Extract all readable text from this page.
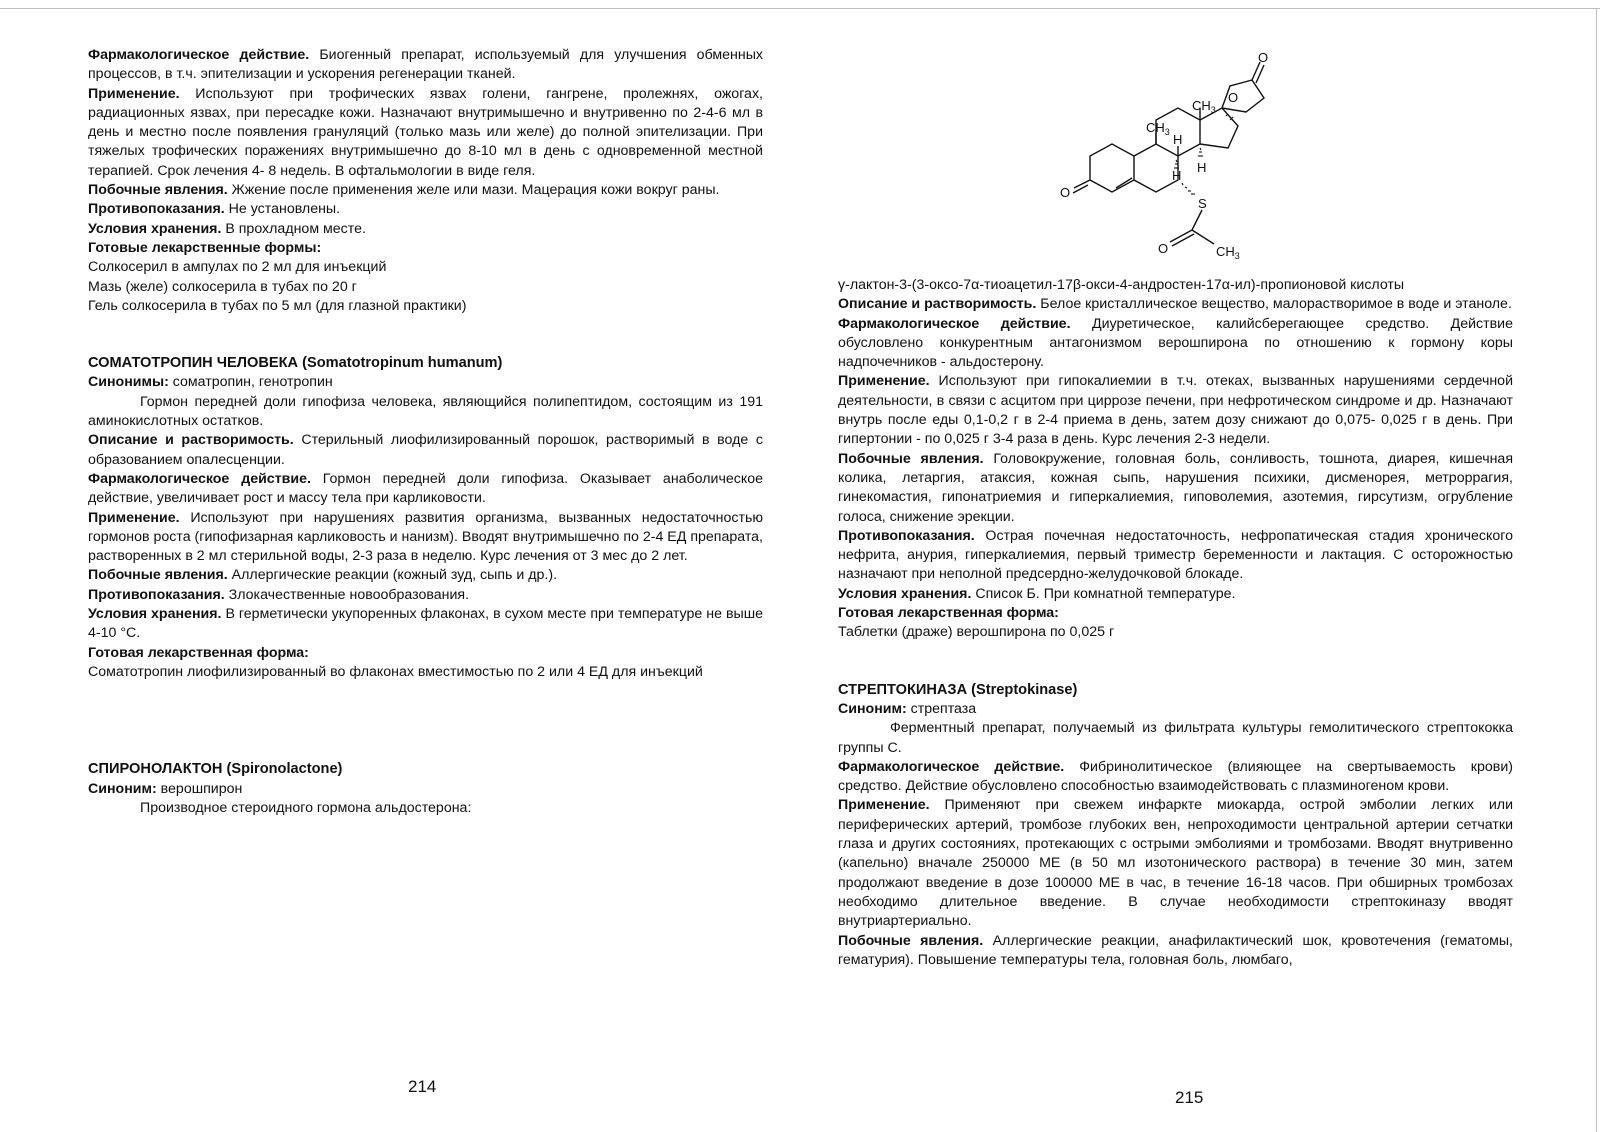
Фармакологическое действие. Биогенный препарат, используемый для улучшения обменных процессов, в т.ч. эпителизации и ускорения регенерации тканей.

Применение. Используют при трофических язвах голени, гангрене, пролежнях, ожогах, радиационных язвах, при пересадке кожи. Назначают внутримышечно и внутривенно по 2-4-6 мл в день и местно после появления грануляций (только мазь или желе) до полной эпителизации. При тяжелых трофических поражениях внутримышечно до 8-10 мл в день с одновременной местной терапией. Срок лечения 4- 8 недель. В офтальмологии в виде геля.

Побочные явления. Жжение после применения желе или мази. Мацерация кожи вокруг раны.

Противопоказания. Не установлены.

Условия хранения. В прохладном месте.

Готовые лекарственные формы:

Солкосерил в ампулах по 2 мл для инъекций

Мазь (желе) солкосерила в тубах по 20 г

Гель солкосерила в тубах по 5 мл (для глазной практики)

СОМАТОТРОПИН ЧЕЛОВЕКА (Somatotropinum humanum)

Синонимы: соматропин, генотропин

Гормон передней доли гипофиза человека, являющийся полипептидом, состоящим из 191 аминокислотных остатков.

Описание и растворимость. Стерильный лиофилизированный порошок, растворимый в воде с образованием опалесценции.

Фармакологическое действие. Гормон передней доли гипофиза. Оказывает анаболическое действие, увеличивает рост и массу тела при карликовости.

Применение. Используют при нарушениях развития организма, вызванных недостаточностью гормонов роста (гипофизарная карликовость и нанизм). Вводят внутримышечно по 2-4 ЕД препарата, растворенных в 2 мл стерильной воды, 2-3 раза в неделю. Курс лечения от 3 мес до 2 лет.

Побочные явления. Аллергические реакции (кожный зуд, сыпь и др.).

Противопоказания. Злокачественные новообразования.

Условия хранения. В герметически укупоренных флаконах, в сухом месте при температуре не выше 4-10 °С.

Готовая лекарственная форма:

Соматотропин лиофилизированный во флаконах вместимостью по 2 или 4 ЕД для инъекций

СПИРОНОЛАКТОН (Spironolactone)

Синоним: верошпирон

Производное стероидного гормона альдостерона:

214
O
O
O
$CH_3$
$CH_3$ H
H
H
S
O	$CH_3$

γ-лактон-3-(3-оксо-7α-тиоацетил-17β-окси-4-андростен-17α-ил)-пропионовой кислоты

Описание и растворимость. Белое кристаллическое вещество, малорастворимое в воде и этаноле.

Фармакологическое действие. Диуретическое, калийсберегающее средство. Действие обусловлено конкурентным антагонизмом верошпирона по отношению к гормону коры надпочечников - альдостерону.

Применение. Используют при гипокалиемии в т.ч. отеках, вызванных нарушениями сердечной деятельности, в связи с асцитом при циррозе печени, при нефротическом синдроме и др. Назначают внутрь после еды 0,1-0,2 г в 2-4 приема в день, затем дозу снижают до 0,075- 0,025 г в день. При гипертонии - по 0,025 г 3-4 раза в день. Курс лечения 2-3 недели.

Побочные явления. Головокружение, головная боль, сонливость, тошнота, диарея, кишечная колика, летаргия, атаксия, кожная сыпь, нарушения психики, дисменорея, метроррагия, гинекомастия, гипонатриемия и гиперкалиемия, гиповолемия, азотемия, гирсутизм, огрубление голоса, снижение эрекции.

Противопоказания. Острая почечная недостаточность, нефропатическая стадия хронического нефрита, анурия, гиперкалиемия, первый триместр беременности и лактация. С осторожностью назначают при неполной предсердно-желудочковой блокаде.

Условия хранения. Список Б. При комнатной температуре.

Готовая лекарственная форма:

Таблетки (драже) верошпирона по 0,025 г

СТРЕПТОКИНАЗА (Streptokinase)

Синоним: стрептаза

Ферментный препарат, получаемый из фильтрата культуры гемолитического стрептококка группы С.

Фармакологическое действие. Фибринолитическое (влияющее на свертываемость крови) средство. Действие обусловлено способностью взаимодействовать с плазминогеном крови.

Применение. Применяют при свежем инфаркте миокарда, острой эмболии легких или периферических артерий, тромбозе глубоких вен, непроходимости центральной артерии сетчатки глаза и других состояниях, протекающих с острыми эмболиями и тромбозами. Вводят внутривенно (капельно) вначале 250000 МЕ (в 50 мл изотонического раствора) в течение 30 мин, затем продолжают введение в дозе 100000 МЕ в час, в течение 16-18 часов. При обширных тромбозах необходимо длительное введение. В случае необходимости стрептокиназу вводят внутриартериально.

Побочные явления. Аллергические реакции, анафилактический шок, кровотечения (гематомы, гематурия). Повышение температуры тела, головная боль, люмбаго,

215
